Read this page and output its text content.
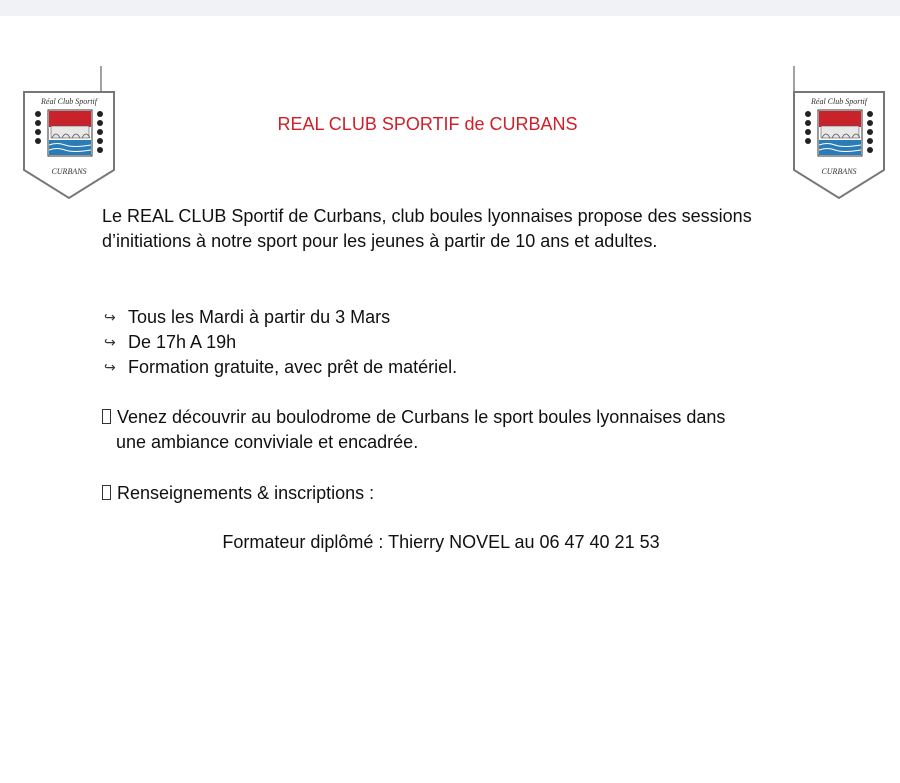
Réal Club Sportif
CURBANS
Réal Club Sportif
CURBANS
REAL CLUB SPORTIF de CURBANS

Le REAL CLUB Sportif de Curbans, club boules lyonnaises propose des sessions d’initiations à notre sport pour les jeunes à partir de 10 ans et adultes.

↪ Tous les Mardi à partir du 3 Mars
↪ De 17h A 19h
↪ Formation gratuite, avec prêt de matériel.
Venez découvrir au boulodrome de Curbans le sport boules lyonnaises dans
une ambiance conviviale et encadrée.
Renseignements & inscriptions :
Formateur diplômé : Thierry NOVEL au 06 47 40 21 53
